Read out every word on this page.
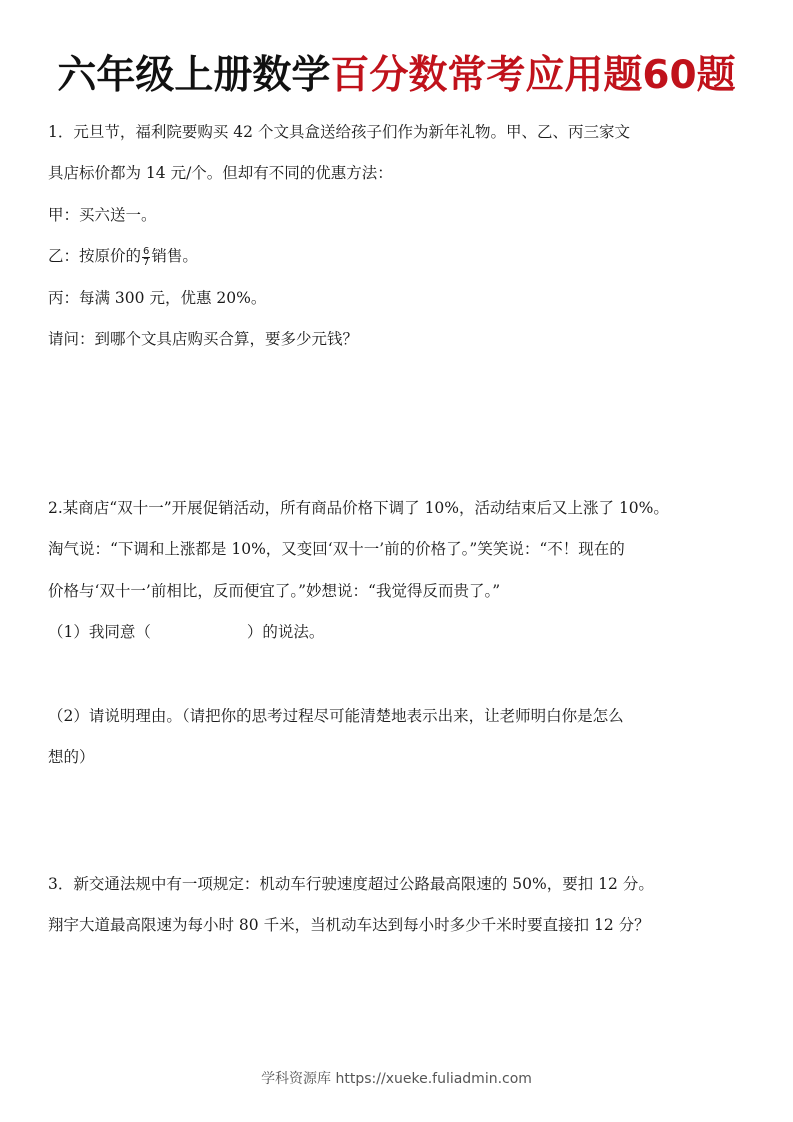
六年级上册数学百分数常考应用题60题
1．元旦节，福利院要购买 42 个文具盒送给孩子们作为新年礼物。甲、乙、丙三家文
具店标价都为 14 元/个。但却有不同的优惠方法：
甲：买六送一。
乙：按原价的 $\frac{6}{7}$ 销售。
丙：每满 300 元，优惠 20%。
请问：到哪个文具店购买合算，要多少元钱？
2.某商店“双十一”开展促销活动，所有商品价格下调了 10%，活动结束后又上涨了 10%。
淘气说：“下调和上涨都是 10%，又变回‘双十一’前的价格了。”笑笑说：“不！现在的
价格与‘双十一’前相比，反而便宜了。”妙想说：“我觉得反而贵了。”
（1）我同意（	）的说法。
（2）请说明理由。（请把你的思考过程尽可能清楚地表示出来，让老师明白你是怎么
想的）
3．新交通法规中有一项规定：机动车行驶速度超过公路最高限速的 50%，要扣 12 分。
翔宇大道最高限速为每小时 80 千米，当机动车达到每小时多少千米时要直接扣 12 分？
学科资源库 https://xueke.fuliadmin.com
